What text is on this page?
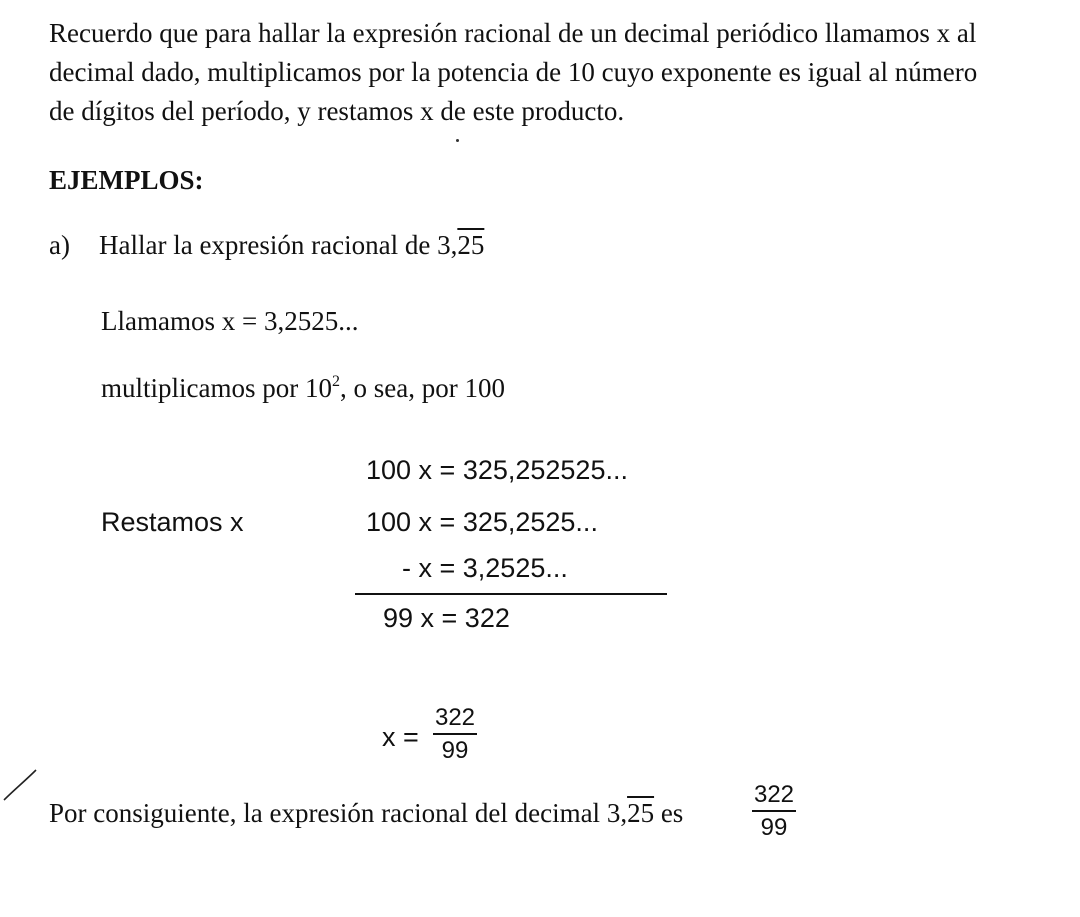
Recuerdo que para hallar la expresión racional de un decimal periódico llamamos x al
decimal dado, multiplicamos por la potencia de 10 cuyo exponente es igual al número
de dígitos del período, y restamos x de este producto.
EJEMPLOS:
a) Hallar la expresión racional de 3,25
Llamamos x = 3,2525...
multiplicamos por $10^2$, o sea, por 100
100 x = 325,252525...
Restamos x	100 x = 325,2525...
- x = 3,2525...
99 x = 322
x =
322
99
Por consiguiente, la expresión racional del decimal 3,25 es
322
99
